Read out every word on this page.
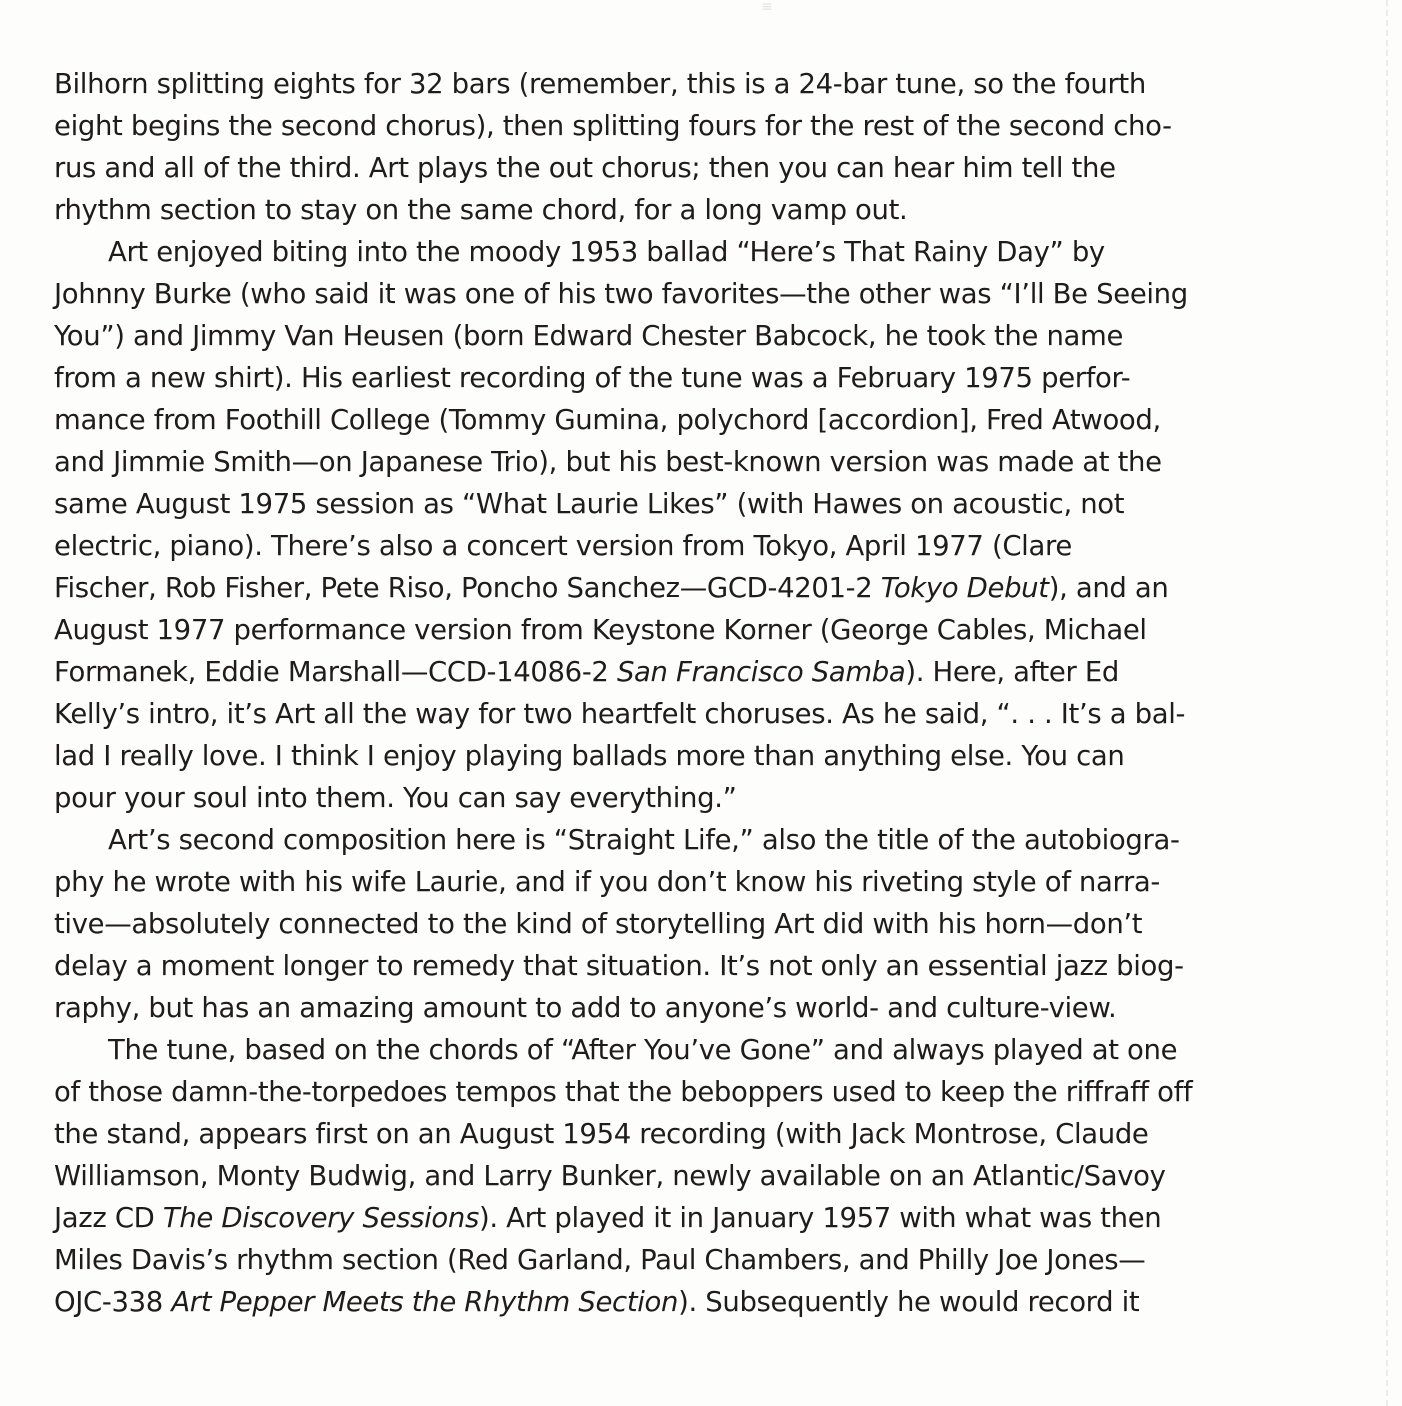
≡
Bilhorn splitting eights for 32 bars (remember, this is a 24-bar tune, so the fourth
eight begins the second chorus), then splitting fours for the rest of the second cho-
rus and all of the third. Art plays the out chorus; then you can hear him tell the
rhythm section to stay on the same chord, for a long vamp out.
Art enjoyed biting into the moody 1953 ballad “Here’s That Rainy Day” by
Johnny Burke (who said it was one of his two favorites—the other was “I’ll Be Seeing
You”) and Jimmy Van Heusen (born Edward Chester Babcock, he took the name
from a new shirt). His earliest recording of the tune was a February 1975 perfor-
mance from Foothill College (Tommy Gumina, polychord [accordion], Fred Atwood,
and Jimmie Smith—on Japanese Trio), but his best-known version was made at the
same August 1975 session as “What Laurie Likes” (with Hawes on acoustic, not
electric, piano). There’s also a concert version from Tokyo, April 1977 (Clare
Fischer, Rob Fisher, Pete Riso, Poncho Sanchez—GCD-4201-2 Tokyo Debut), and an
August 1977 performance version from Keystone Korner (George Cables, Michael
Formanek, Eddie Marshall—CCD-14086-2 San Francisco Samba). Here, after Ed
Kelly’s intro, it’s Art all the way for two heartfelt choruses. As he said, “. . . It’s a bal-
lad I really love. I think I enjoy playing ballads more than anything else. You can
pour your soul into them. You can say everything.”
Art’s second composition here is “Straight Life,” also the title of the autobiogra-
phy he wrote with his wife Laurie, and if you don’t know his riveting style of narra-
tive—absolutely connected to the kind of storytelling Art did with his horn—don’t
delay a moment longer to remedy that situation. It’s not only an essential jazz biog-
raphy, but has an amazing amount to add to anyone’s world- and culture-view.
The tune, based on the chords of “After You’ve Gone” and always played at one
of those damn-the-torpedoes tempos that the beboppers used to keep the riffraff off
the stand, appears first on an August 1954 recording (with Jack Montrose, Claude
Williamson, Monty Budwig, and Larry Bunker, newly available on an Atlantic/Savoy
Jazz CD The Discovery Sessions). Art played it in January 1957 with what was then
Miles Davis’s rhythm section (Red Garland, Paul Chambers, and Philly Joe Jones—
OJC-338 Art Pepper Meets the Rhythm Section). Subsequently he would record it
